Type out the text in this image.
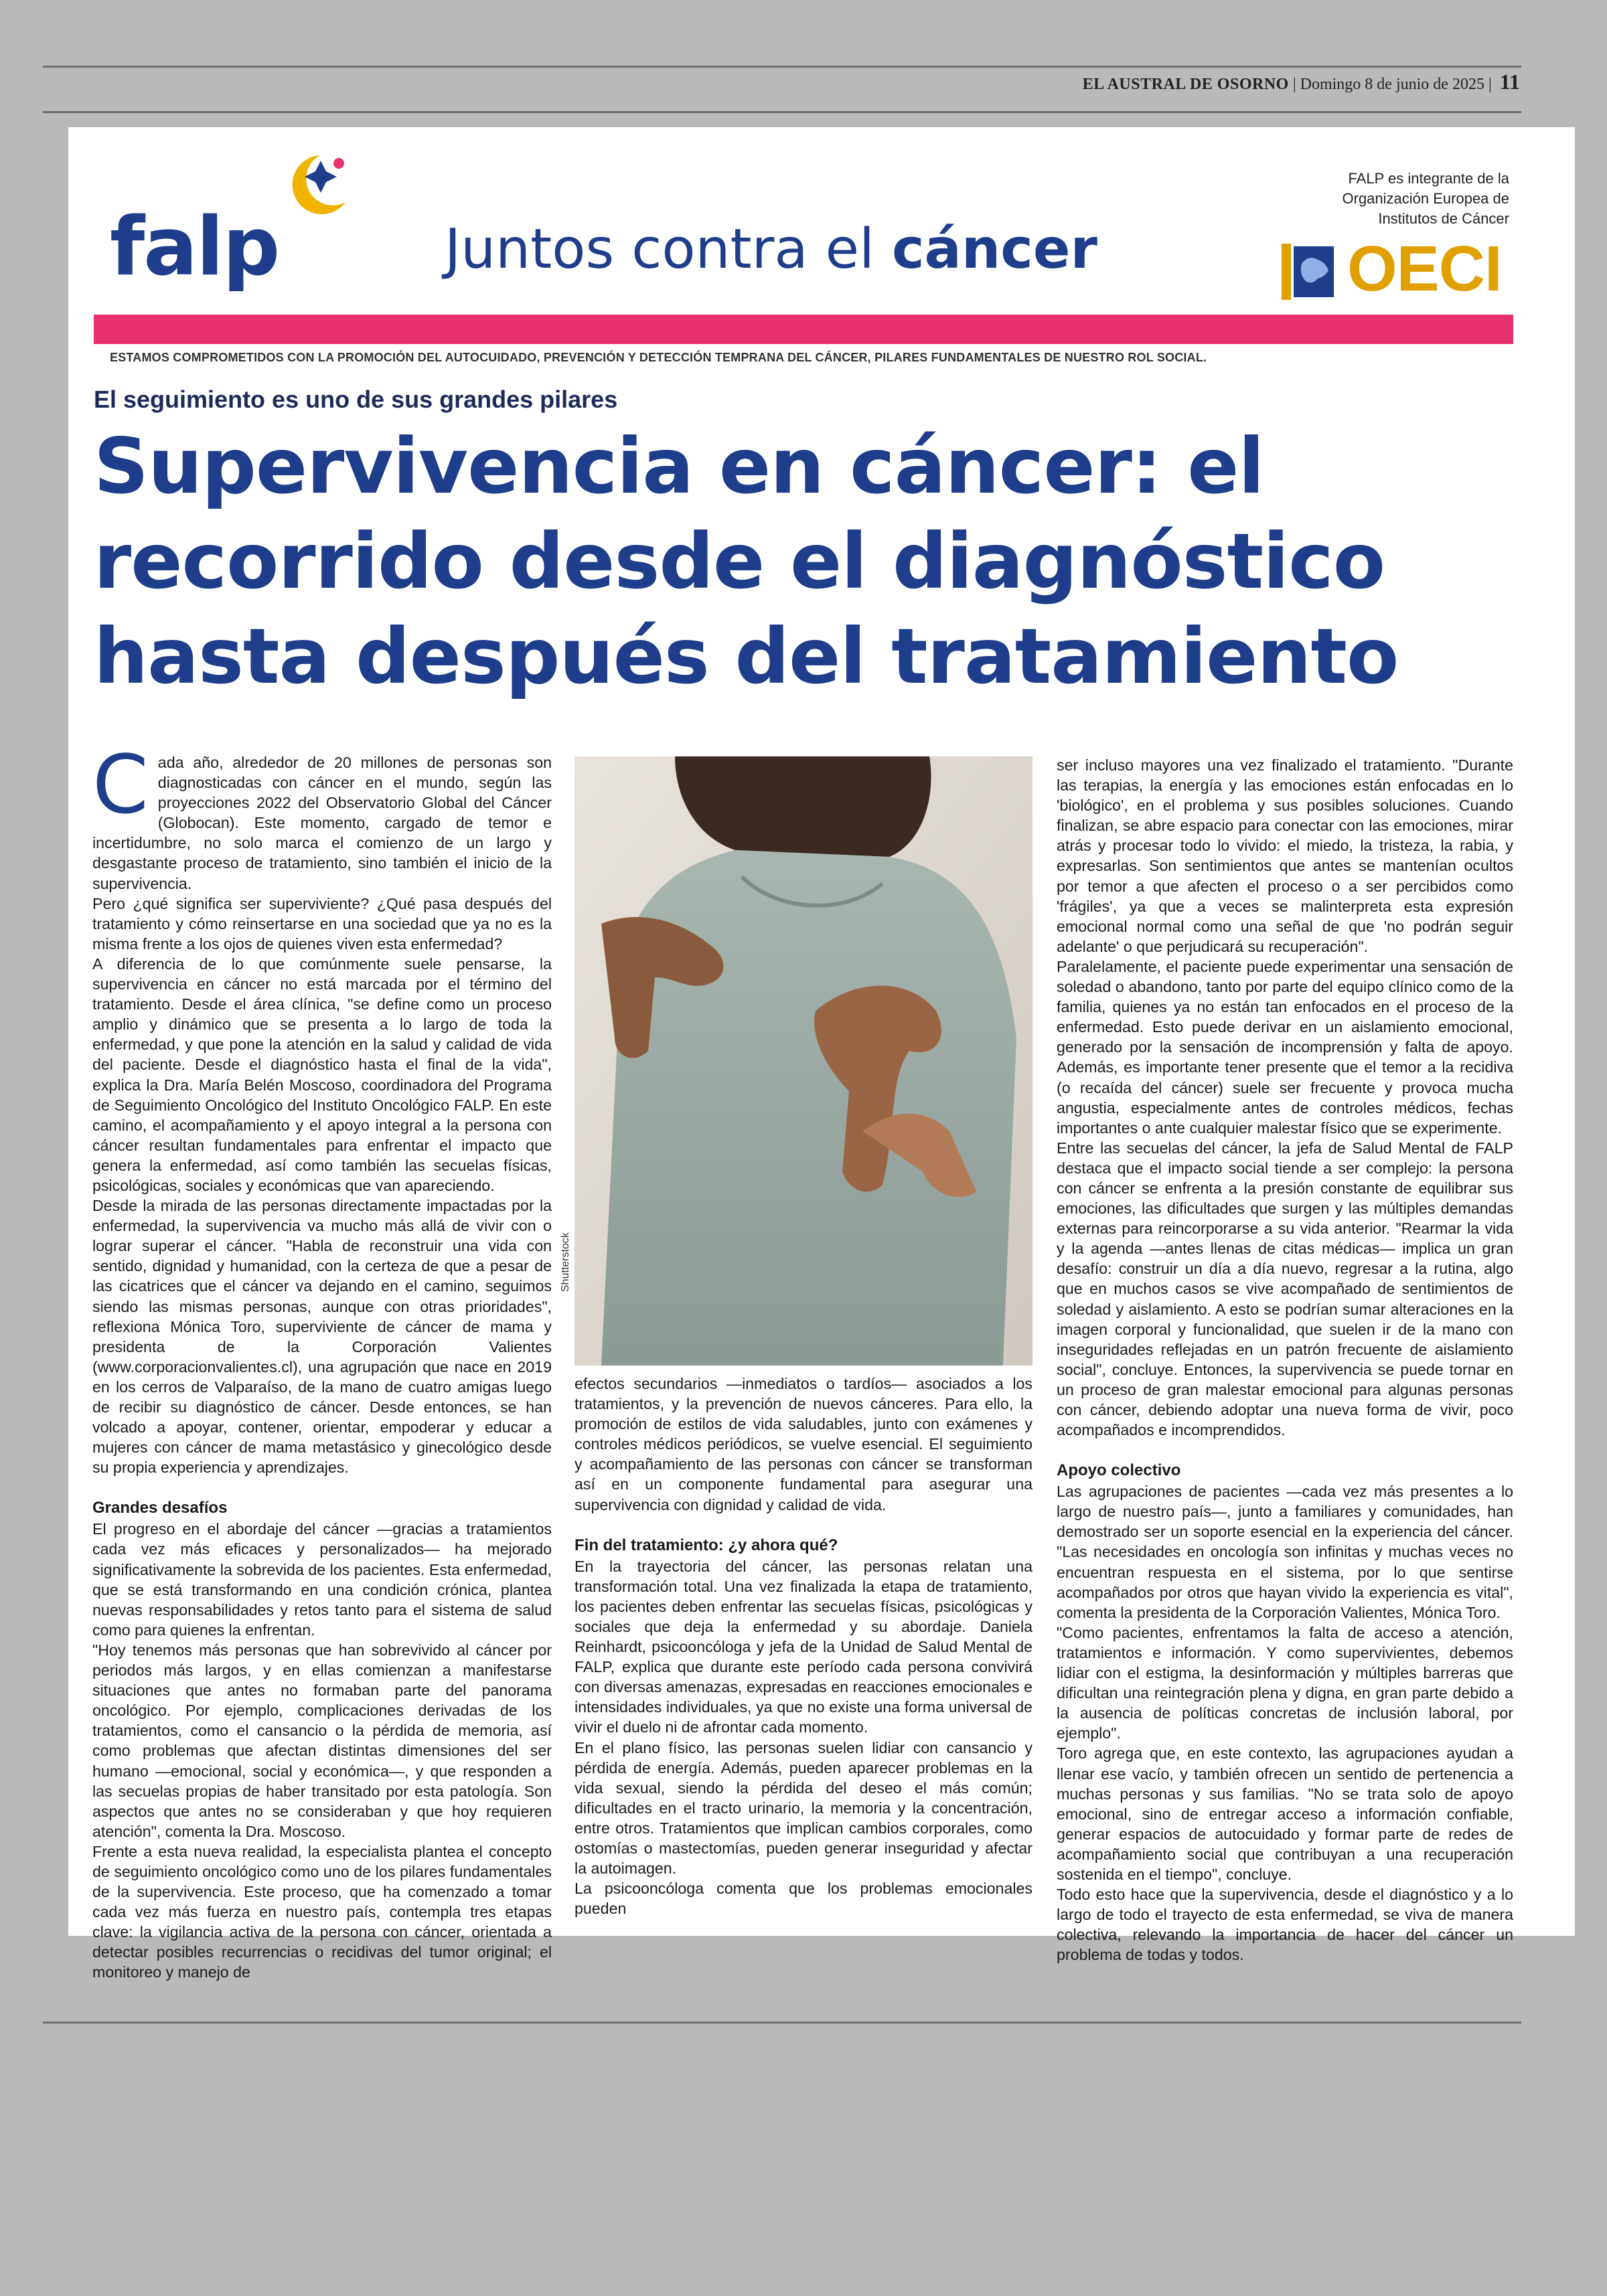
EL AUSTRAL DE OSORNO | Domingo 8 de junio de 2025 | 11
falp	Juntos contra el cáncer
FALP es integrante de la Organización Europea de Institutos de Cáncer
OECI
ESTAMOS COMPROMETIDOS CON LA PROMOCIÓN DEL AUTOCUIDADO, PREVENCIÓN Y DETECCIÓN TEMPRANA DEL CÁNCER, PILARES FUNDAMENTALES DE NUESTRO ROL SOCIAL.
El seguimiento es uno de sus grandes pilares
Supervivencia en cáncer: el recorrido desde el diagnóstico hasta después del tratamiento
C ada año, alrededor de 20 millones de personas son diagnosticadas con cáncer en el mundo, según las proyecciones 2022 del Observatorio Global del Cáncer (Globocan). Este momento, cargado de temor e incertidumbre, no solo marca el comienzo de un largo y desgastante proceso de tratamiento, sino también el inicio de la supervivencia.

Pero ¿qué significa ser superviviente? ¿Qué pasa después del tratamiento y cómo reinsertarse en una sociedad que ya no es la misma frente a los ojos de quienes viven esta enfermedad?

A diferencia de lo que comúnmente suele pensarse, la supervivencia en cáncer no está marcada por el término del tratamiento. Desde el área clínica, "se define como un proceso amplio y dinámico que se presenta a lo largo de toda la enfermedad, y que pone la atención en la salud y calidad de vida del paciente. Desde el diagnóstico hasta el final de la vida", explica la Dra. María Belén Moscoso, coordinadora del Programa de Seguimiento Oncológico del Instituto Oncológico FALP. En este camino, el acompañamiento y el apoyo integral a la persona con cáncer resultan fundamentales para enfrentar el impacto que genera la enfermedad, así como también las secuelas físicas, psicológicas, sociales y económicas que van apareciendo.

Desde la mirada de las personas directamente impactadas por la enfermedad, la supervivencia va mucho más allá de vivir con o lograr superar el cáncer. "Habla de reconstruir una vida con sentido, dignidad y humanidad, con la certeza de que a pesar de las cicatrices que el cáncer va dejando en el camino, seguimos siendo las mismas personas, aunque con otras prioridades", reflexiona Mónica Toro, superviviente de cáncer de mama y presidenta de la Corporación Valientes (www.corporacionvalientes.cl), una agrupación que nace en 2019 en los cerros de Valparaíso, de la mano de cuatro amigas luego de recibir su diagnóstico de cáncer. Desde entonces, se han volcado a apoyar, contener, orientar, empoderar y educar a mujeres con cáncer de mama metastásico y ginecológico desde su propia experiencia y aprendizajes.

Grandes desafíos

El progreso en el abordaje del cáncer —gracias a tratamientos cada vez más eficaces y personalizados— ha mejorado significativamente la sobrevida de los pacientes. Esta enfermedad, que se está transformando en una condición crónica, plantea nuevas responsabilidades y retos tanto para el sistema de salud como para quienes la enfrentan.

"Hoy tenemos más personas que han sobrevivido al cáncer por periodos más largos, y en ellas comienzan a manifestarse situaciones que antes no formaban parte del panorama oncológico. Por ejemplo, complicaciones derivadas de los tratamientos, como el cansancio o la pérdida de memoria, así como problemas que afectan distintas dimensiones del ser humano —emocional, social y económica—, y que responden a las secuelas propias de haber transitado por esta patología. Son aspectos que antes no se consideraban y que hoy requieren atención", comenta la Dra. Moscoso.

Frente a esta nueva realidad, la especialista plantea el concepto de seguimiento oncológico como uno de los pilares fundamentales de la supervivencia. Este proceso, que ha comenzado a tomar cada vez más fuerza en nuestro país, contempla tres etapas clave: la vigilancia activa de la persona con cáncer, orientada a detectar posibles recurrencias o recidivas del tumor original; el monitoreo y manejo de

Shutterstock

efectos secundarios —inmediatos o tardíos— asociados a los tratamientos, y la prevención de nuevos cánceres. Para ello, la promoción de estilos de vida saludables, junto con exámenes y controles médicos periódicos, se vuelve esencial. El seguimiento y acompañamiento de las personas con cáncer se transforman así en un componente fundamental para asegurar una supervivencia con dignidad y calidad de vida.

Fin del tratamiento: ¿y ahora qué?

En la trayectoria del cáncer, las personas relatan una transformación total. Una vez finalizada la etapa de tratamiento, los pacientes deben enfrentar las secuelas físicas, psicológicas y sociales que deja la enfermedad y su abordaje. Daniela Reinhardt, psicooncóloga y jefa de la Unidad de Salud Mental de FALP, explica que durante este período cada persona convivirá con diversas amenazas, expresadas en reacciones emocionales e intensidades individuales, ya que no existe una forma universal de vivir el duelo ni de afrontar cada momento.

En el plano físico, las personas suelen lidiar con cansancio y pérdida de energía. Además, pueden aparecer problemas en la vida sexual, siendo la pérdida del deseo el más común; dificultades en el tracto urinario, la memoria y la concentración, entre otros. Tratamientos que implican cambios corporales, como ostomías o mastectomías, pueden generar inseguridad y afectar la autoimagen.

La psicooncóloga comenta que los problemas emocionales pueden

ser incluso mayores una vez finalizado el tratamiento. "Durante las terapias, la energía y las emociones están enfocadas en lo 'biológico', en el problema y sus posibles soluciones. Cuando finalizan, se abre espacio para conectar con las emociones, mirar atrás y procesar todo lo vivido: el miedo, la tristeza, la rabia, y expresarlas. Son sentimientos que antes se mantenían ocultos por temor a que afecten el proceso o a ser percibidos como 'frágiles', ya que a veces se malinterpreta esta expresión emocional normal como una señal de que 'no podrán seguir adelante' o que perjudicará su recuperación".

Paralelamente, el paciente puede experimentar una sensación de soledad o abandono, tanto por parte del equipo clínico como de la familia, quienes ya no están tan enfocados en el proceso de la enfermedad. Esto puede derivar en un aislamiento emocional, generado por la sensación de incomprensión y falta de apoyo. Además, es importante tener presente que el temor a la recidiva (o recaída del cáncer) suele ser frecuente y provoca mucha angustia, especialmente antes de controles médicos, fechas importantes o ante cualquier malestar físico que se experimente.

Entre las secuelas del cáncer, la jefa de Salud Mental de FALP destaca que el impacto social tiende a ser complejo: la persona con cáncer se enfrenta a la presión constante de equilibrar sus emociones, las dificultades que surgen y las múltiples demandas externas para reincorporarse a su vida anterior. "Rearmar la vida y la agenda —antes llenas de citas médicas— implica un gran desafío: construir un día a día nuevo, regresar a la rutina, algo que en muchos casos se vive acompañado de sentimientos de soledad y aislamiento. A esto se podrían sumar alteraciones en la imagen corporal y funcionalidad, que suelen ir de la mano con inseguridades reflejadas en un patrón frecuente de aislamiento social", concluye. Entonces, la supervivencia se puede tornar en un proceso de gran malestar emocional para algunas personas con cáncer, debiendo adoptar una nueva forma de vivir, poco acompañados e incomprendidos.

Apoyo colectivo

Las agrupaciones de pacientes —cada vez más presentes a lo largo de nuestro país—, junto a familiares y comunidades, han demostrado ser un soporte esencial en la experiencia del cáncer. "Las necesidades en oncología son infinitas y muchas veces no encuentran respuesta en el sistema, por lo que sentirse acompañados por otros que hayan vivido la experiencia es vital", comenta la presidenta de la Corporación Valientes, Mónica Toro.

"Como pacientes, enfrentamos la falta de acceso a atención, tratamientos e información. Y como supervivientes, debemos lidiar con el estigma, la desinformación y múltiples barreras que dificultan una reintegración plena y digna, en gran parte debido a la ausencia de políticas concretas de inclusión laboral, por ejemplo".

Toro agrega que, en este contexto, las agrupaciones ayudan a llenar ese vacío, y también ofrecen un sentido de pertenencia a muchas personas y sus familias. "No se trata solo de apoyo emocional, sino de entregar acceso a información confiable, generar espacios de autocuidado y formar parte de redes de acompañamiento social que contribuyan a una recuperación sostenida en el tiempo", concluye.

Todo esto hace que la supervivencia, desde el diagnóstico y a lo largo de todo el trayecto de esta enfermedad, se viva de manera colectiva, relevando la importancia de hacer del cáncer un problema de todas y todos.
